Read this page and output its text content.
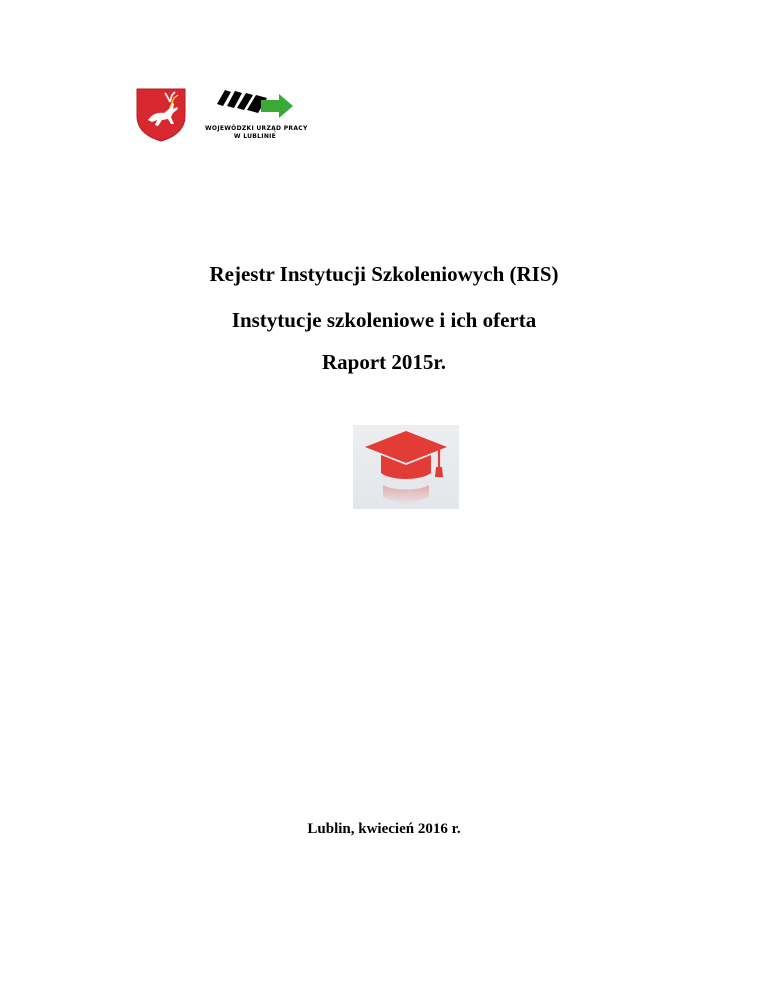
WOJEWÓDZKI URZĄD PRACY
W LUBLINIE
Rejestr Instytucji Szkoleniowych (RIS)
Instytucje szkoleniowe i ich oferta
Raport 2015r.
Lublin, kwiecień 2016 r.
